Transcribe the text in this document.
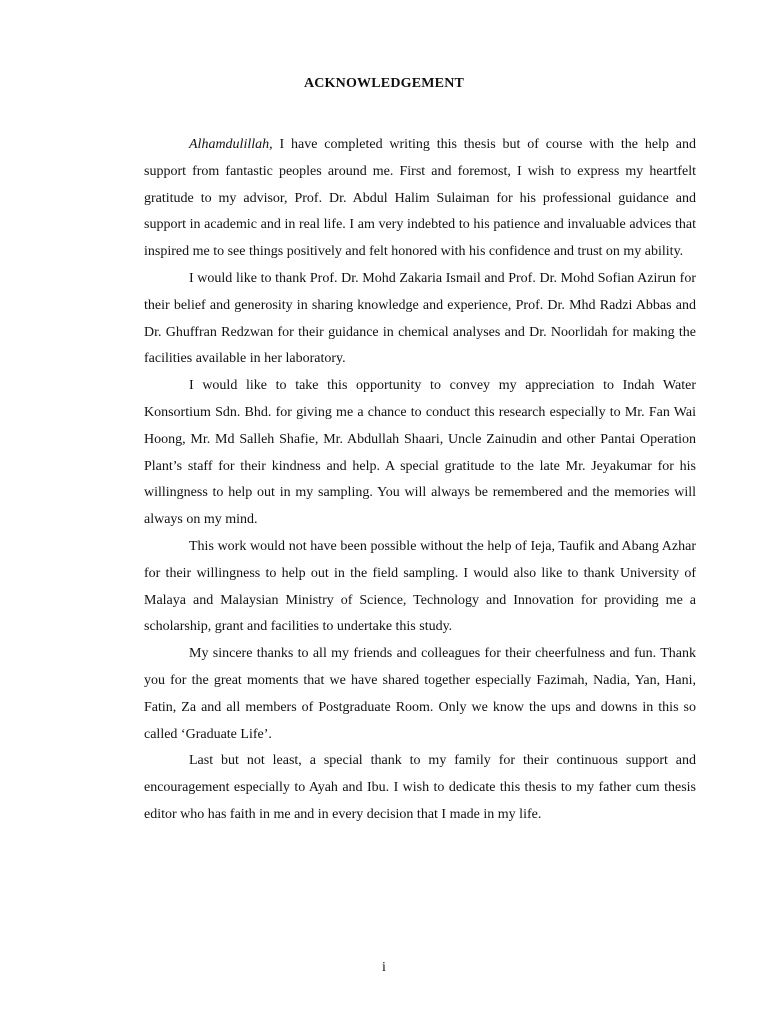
ACKNOWLEDGEMENT

Alhamdulillah, I have completed writing this thesis but of course with the help and support from fantastic peoples around me. First and foremost, I wish to express my heartfelt gratitude to my advisor, Prof. Dr. Abdul Halim Sulaiman for his professional guidance and support in academic and in real life. I am very indebted to his patience and invaluable advices that inspired me to see things positively and felt honored with his confidence and trust on my ability.

I would like to thank Prof. Dr. Mohd Zakaria Ismail and Prof. Dr. Mohd Sofian Azirun for their belief and generosity in sharing knowledge and experience, Prof. Dr. Mhd Radzi Abbas and Dr. Ghuffran Redzwan for their guidance in chemical analyses and Dr. Noorlidah for making the facilities available in her laboratory.

I would like to take this opportunity to convey my appreciation to Indah Water Konsortium Sdn. Bhd. for giving me a chance to conduct this research especially to Mr. Fan Wai Hoong, Mr. Md Salleh Shafie, Mr. Abdullah Shaari, Uncle Zainudin and other Pantai Operation Plant’s staff for their kindness and help. A special gratitude to the late Mr. Jeyakumar for his willingness to help out in my sampling. You will always be remembered and the memories will always on my mind.

This work would not have been possible without the help of Ieja, Taufik and Abang Azhar for their willingness to help out in the field sampling. I would also like to thank University of Malaya and Malaysian Ministry of Science, Technology and Innovation for providing me a scholarship, grant and facilities to undertake this study.

My sincere thanks to all my friends and colleagues for their cheerfulness and fun. Thank you for the great moments that we have shared together especially Fazimah, Nadia, Yan, Hani, Fatin, Za and all members of Postgraduate Room. Only we know the ups and downs in this so called ‘Graduate Life’.

Last but not least, a special thank to my family for their continuous support and encouragement especially to Ayah and Ibu. I wish to dedicate this thesis to my father cum thesis editor who has faith in me and in every decision that I made in my life.

i
